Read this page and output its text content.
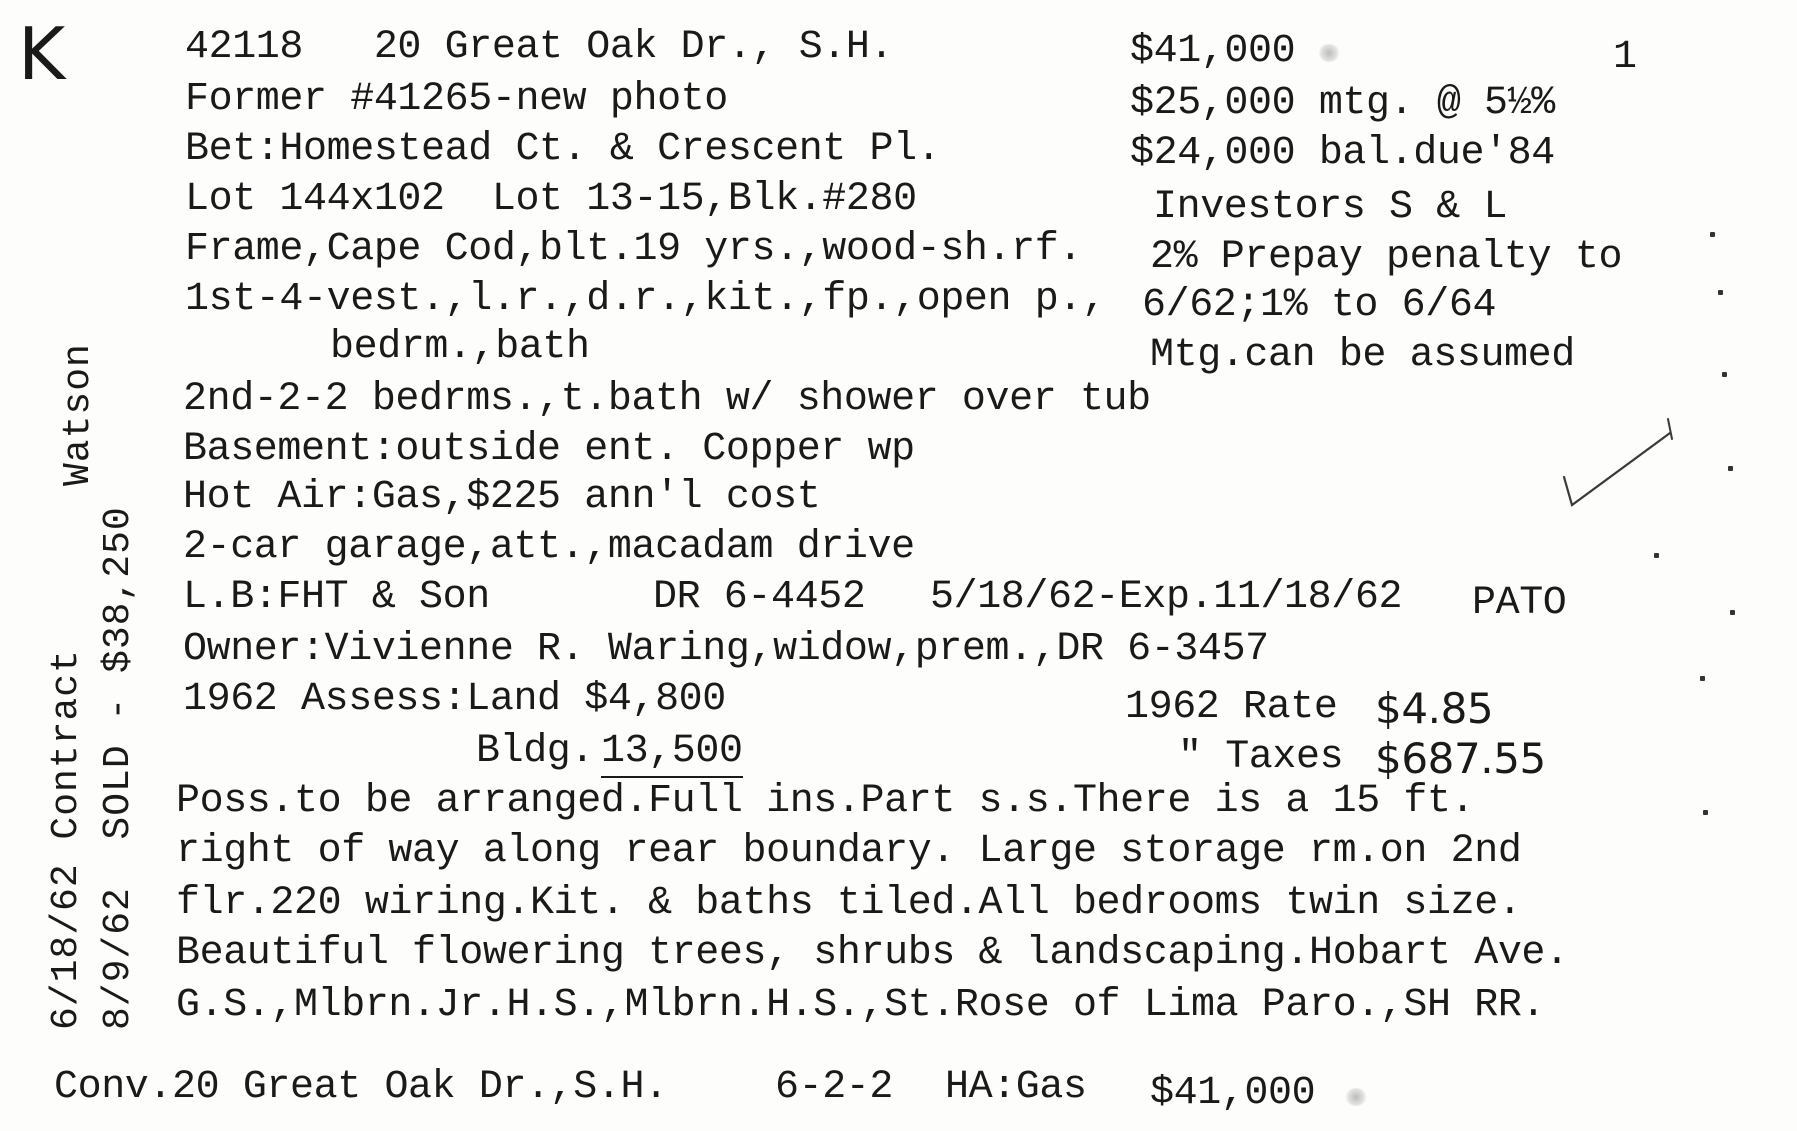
K	1
42118   20 Great Oak Dr., S.H.
Former #41265-new photo
Bet:Homestead Ct. & Crescent Pl.
Lot 144x102  Lot 13-15,Blk.#280
Frame,Cape Cod,blt.19 yrs.,wood-sh.rf.
1st-4-vest.,l.r.,d.r.,kit.,fp.,open p.,
bedrm.,bath
2nd-2-2 bedrms.,t.bath w/ shower over tub
Basement:outside ent. Copper wp
Hot Air:Gas,$225 ann'l cost
2-car garage,att.,macadam drive
L.B:FHT & Son	DR 6-4452 5/18/62-Exp.11/18/62 PATO
Owner:Vivienne R. Waring,widow,prem.,DR 6-3457
1962 Assess:Land $4,800
Bldg. 13,500
Poss.to be arranged.Full ins.Part s.s.There is a 15 ft.
right of way along rear boundary. Large storage rm.on 2nd
flr.220 wiring.Kit. & baths tiled.All bedrooms twin size.
Beautiful flowering trees, shrubs & landscaping.Hobart Ave.
G.S.,Mlbrn.Jr.H.S.,Mlbrn.H.S.,St.Rose of Lima Paro.,SH RR.
$41,000
$25,000 mtg. @ 5½%
$24,000 bal.due'84
Investors S & L
2% Prepay penalty to
6/62;1% to 6/64
Mtg.can be assumed
1962 Rate $4.85
" Taxes $687.55
6/18/62 Contract 8/9/62  SOLD - $38,250
Watson
Conv.20 Great Oak Dr.,S.H.	6-2-2 HA:Gas $41,000
